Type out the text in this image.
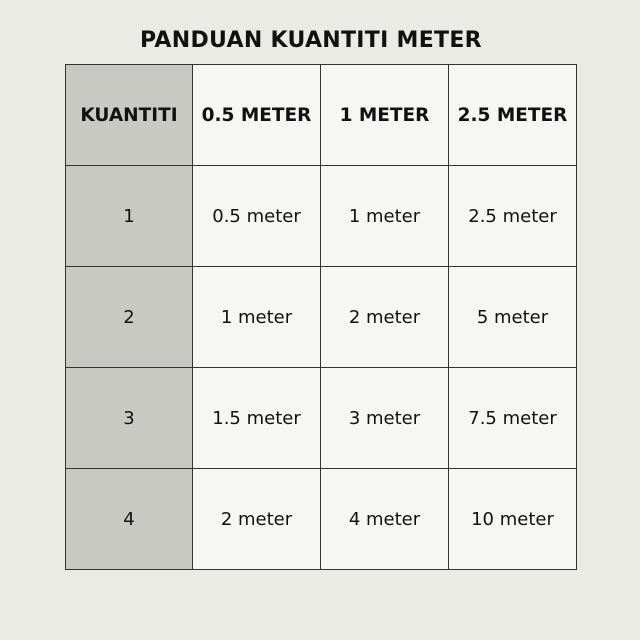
PANDUAN KUANTITI METER
KUANTITI	0.5 METER	1 METER	2.5 METER
1	0.5 meter	1 meter	2.5 meter
2	1 meter	2 meter	5 meter
3	1.5 meter	3 meter	7.5 meter
4	2 meter	4 meter	10 meter
